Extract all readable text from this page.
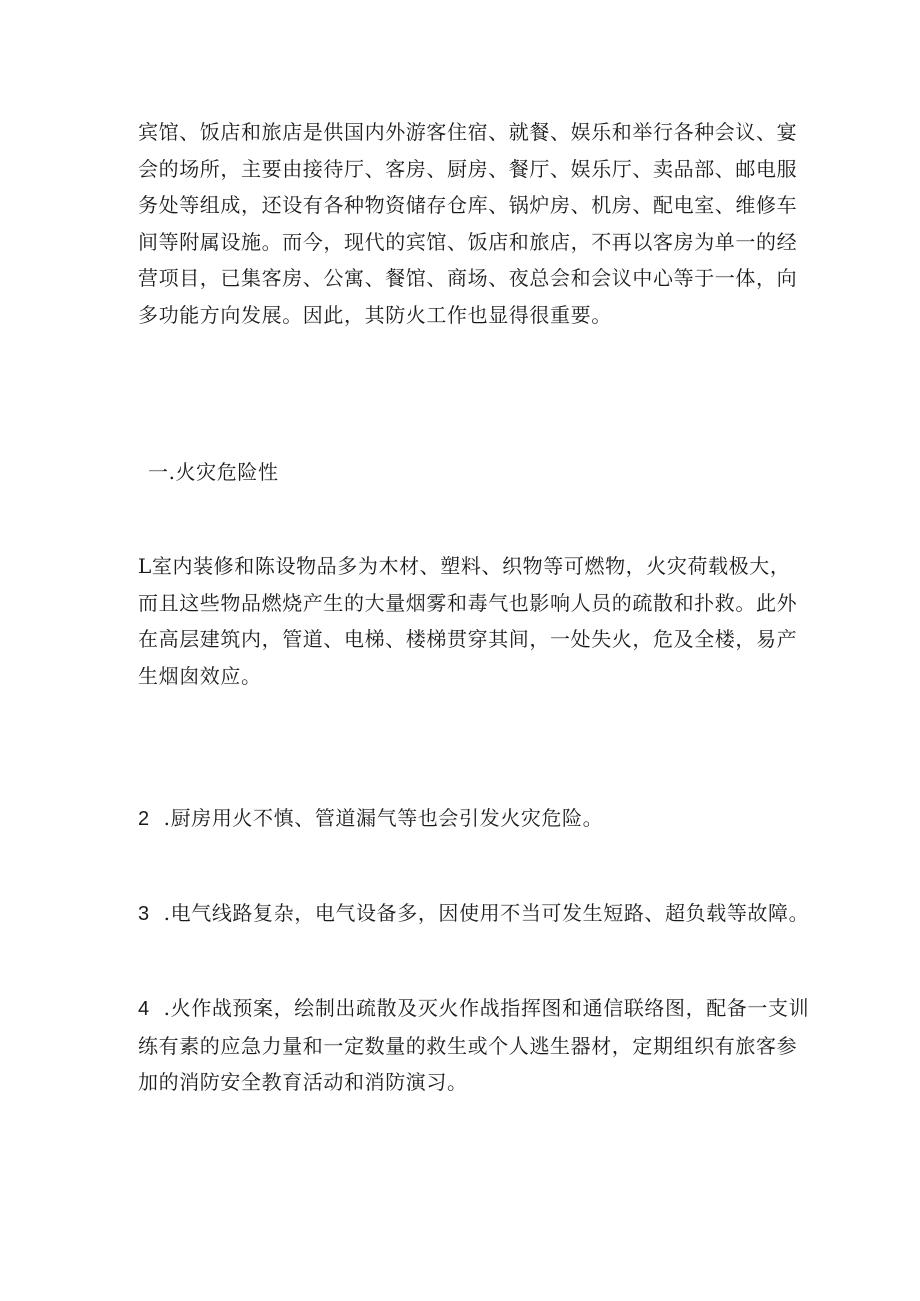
宾馆、饭店和旅店是供国内外游客住宿、就餐、娱乐和举行各种会议、宴
会的场所，主要由接待厅、客房、厨房、餐厅、娱乐厅、卖品部、邮电服
务处等组成，还设有各种物资储存仓库、锅炉房、机房、配电室、维修车
间等附属设施。而今，现代的宾馆、饭店和旅店，不再以客房为单一的经
营项目，已集客房、公寓、餐馆、商场、夜总会和会议中心等于一体，向
多功能方向发展。因此，其防火工作也显得很重要。

一.火灾危险性

L室内装修和陈设物品多为木材、塑料、织物等可燃物，火灾荷载极大，
而且这些物品燃烧产生的大量烟雾和毒气也影响人员的疏散和扑救。此外
在高层建筑内，管道、电梯、楼梯贯穿其间，一处失火，危及全楼，易产
生烟囱效应。

2 .厨房用火不慎、管道漏气等也会引发火灾危险。

3 .电气线路复杂，电气设备多，因使用不当可发生短路、超负载等故障。

4 .火作战预案，绘制出疏散及灭火作战指挥图和通信联络图，配备一支训
练有素的应急力量和一定数量的救生或个人逃生器材，定期组织有旅客参
加的消防安全教育活动和消防演习。
